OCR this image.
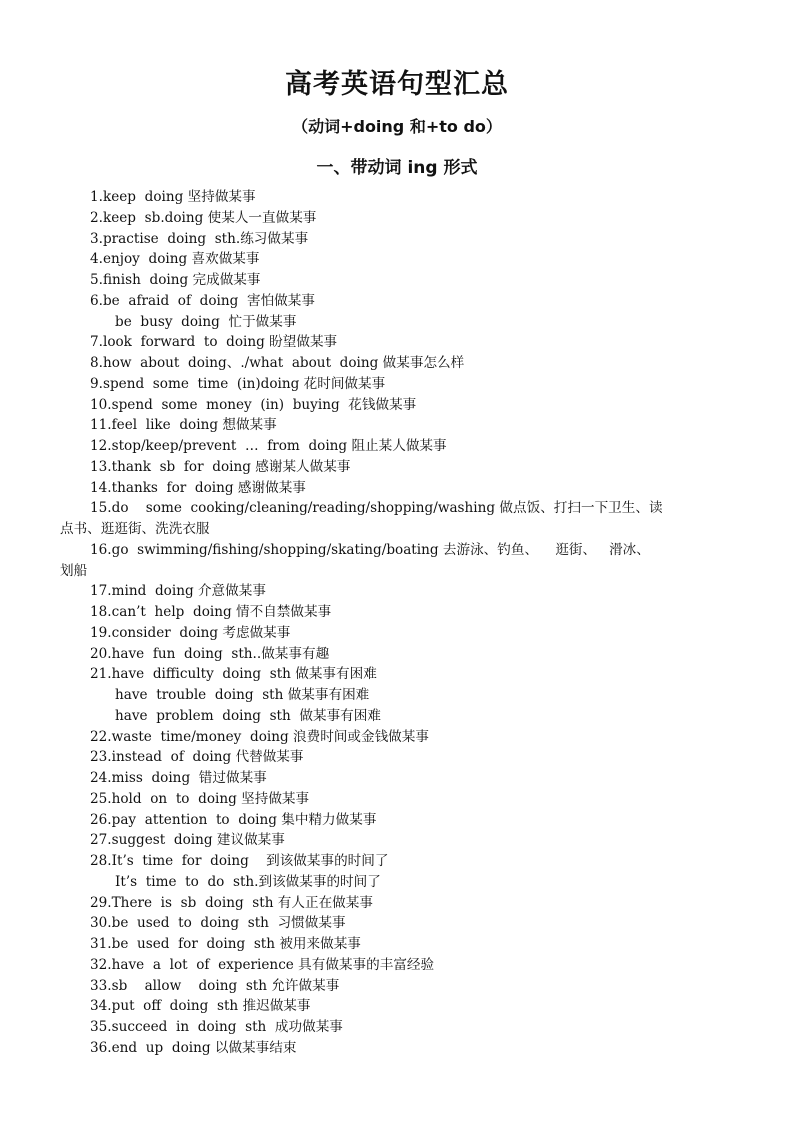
高考英语句型汇总
（动词+doing 和+to do）
一、带动词 ing 形式
1.keep  doing 坚持做某事
2.keep  sb.doing 使某人一直做某事
3.practise  doing  sth.练习做某事
4.enjoy  doing 喜欢做某事
5.finish  doing 完成做某事
6.be  afraid  of  doing  害怕做某事
be  busy  doing  忙于做某事
7.look  forward  to  doing 盼望做某事
8.how  about  doing、./what  about  doing 做某事怎么样
9.spend  some  time  (in)doing 花时间做某事
10.spend  some  money  (in)  buying  花钱做某事
11.feel  like  doing 想做某事
12.stop/keep/prevent  …  from  doing 阻止某人做某事
13.thank  sb  for  doing 感谢某人做某事
14.thanks  for  doing 感谢做某事
15.do    some  cooking/cleaning/reading/shopping/washing 做点饭、打扫一下卫生、读
点书、逛逛街、洗洗衣服
16.go  swimming/fishing/shopping/skating/boating 去游泳、钓鱼、    逛街、   滑冰、
划船
17.mind  doing 介意做某事
18.can’t  help  doing 情不自禁做某事
19.consider  doing 考虑做某事
20.have  fun  doing  sth..做某事有趣
21.have  difficulty  doing  sth 做某事有困难
have  trouble  doing  sth 做某事有困难
have  problem  doing  sth  做某事有困难
22.waste  time/money  doing 浪费时间或金钱做某事
23.instead  of  doing 代替做某事
24.miss  doing  错过做某事
25.hold  on  to  doing 坚持做某事
26.pay  attention  to  doing 集中精力做某事
27.suggest  doing 建议做某事
28.It’s  time  for  doing    到该做某事的时间了
It’s  time  to  do  sth.到该做某事的时间了
29.There  is  sb  doing  sth 有人正在做某事
30.be  used  to  doing  sth  习惯做某事
31.be  used  for  doing  sth 被用来做某事
32.have  a  lot  of  experience 具有做某事的丰富经验
33.sb    allow    doing  sth 允许做某事
34.put  off  doing  sth 推迟做某事
35.succeed  in  doing  sth  成功做某事
36.end  up  doing 以做某事结束
